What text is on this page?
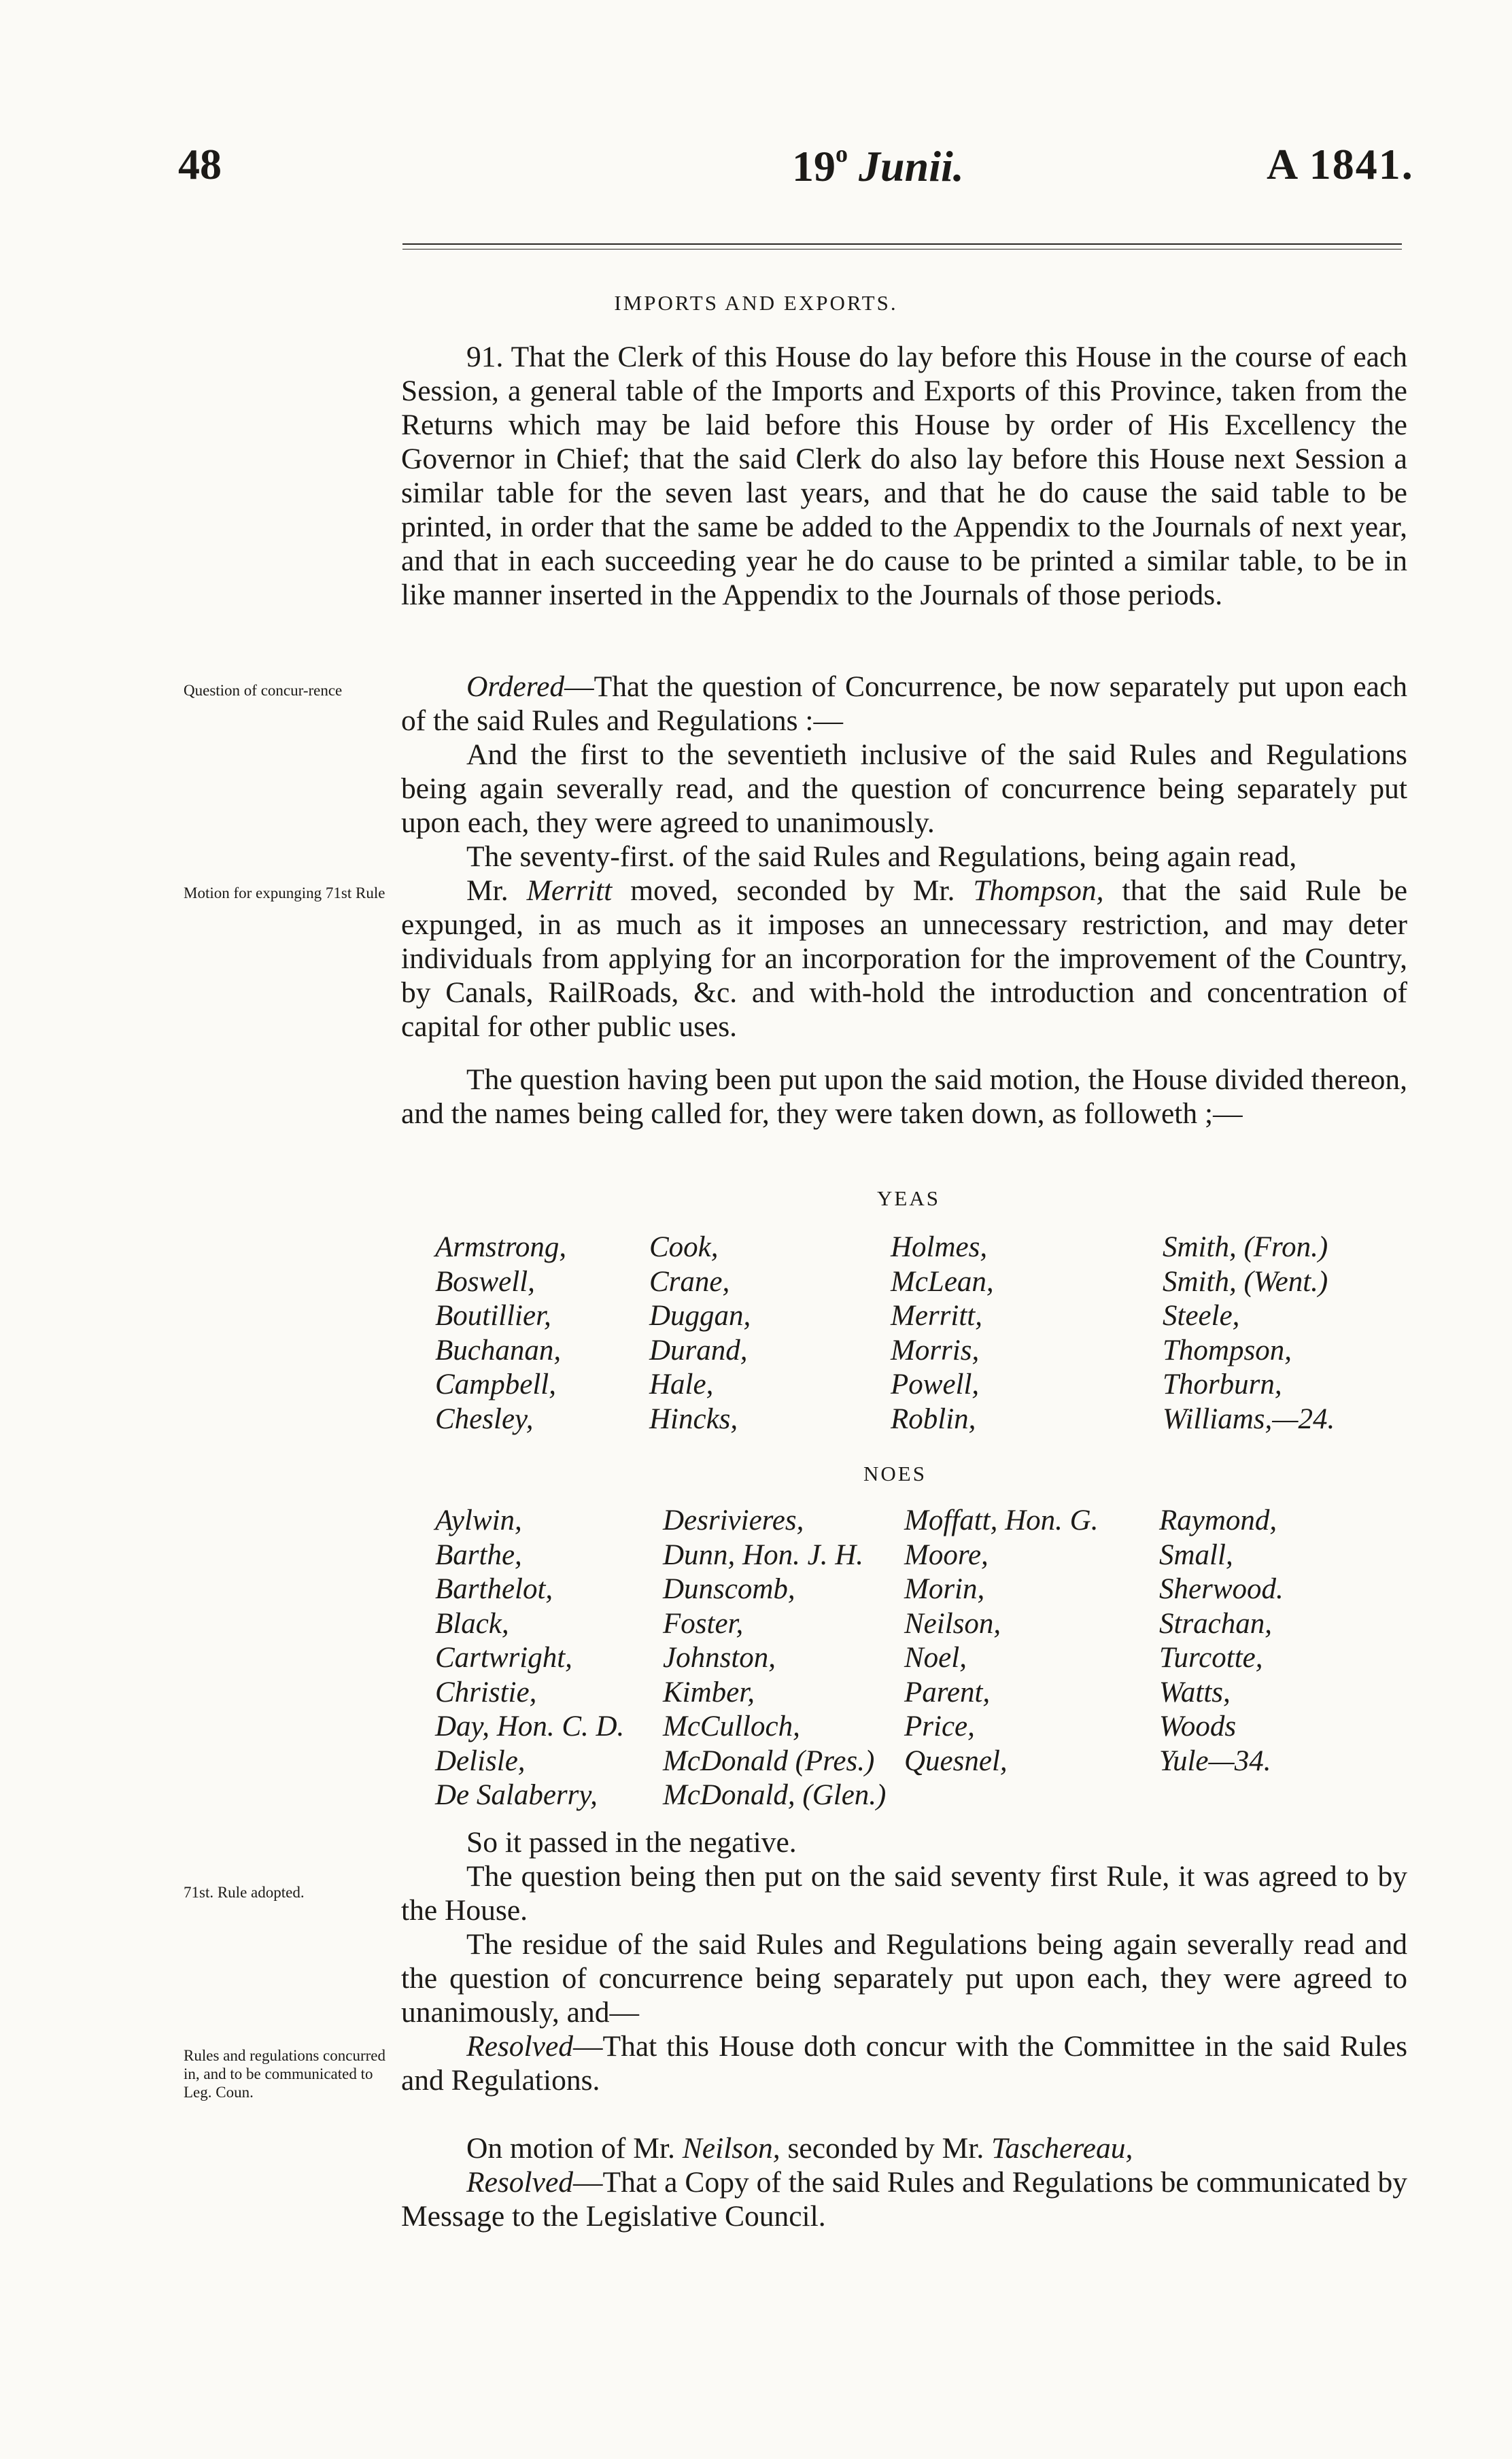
48	19$^o$ Junii.	A 1841.
IMPORTS AND EXPORTS.

91. That the Clerk of this House do lay before this House in the course of each Session, a general table of the Imports and Exports of this Province, taken from the Returns which may be laid before this House by order of His Excellency the Governor in Chief; that the said Clerk do also lay before this House next Session a similar table for the seven last years, and that he do cause the said table to be printed, in order that the same be added to the Appendix to the Journals of next year, and that in each succeeding year he do cause to be printed a similar table, to be in like manner inserted in the Appendix to the Journals of those periods.

Question of concur-rence
Motion for expunging 71st Rule
71st. Rule adopted.
Rules and regulations concurred in, and to be communicated to Leg. Coun.

Ordered—That the question of Concurrence, be now separately put upon each of the said Rules and Regulations :—

And the first to the seventieth inclusive of the said Rules and Regulations being again severally read, and the question of concurrence being separately put upon each, they were agreed to unanimously.

The seventy-first. of the said Rules and Regulations, being again read,

Mr. Merritt moved, seconded by Mr. Thompson, that the said Rule be expunged, in as much as it imposes an unnecessary restriction, and may deter individuals from applying for an incorporation for the improvement of the Country, by Canals, RailRoads, &c. and with-hold the introduction and concentration of capital for other public uses.

The question having been put upon the said motion, the House divided thereon, and the names being called for, they were taken down, as followeth ;—

YEAS
Armstrong,
Boswell,
Boutillier,
Buchanan,
Campbell,
Chesley,
Cook,
Crane,
Duggan,
Durand,
Hale,
Hincks,
Holmes,
McLean,
Merritt,
Morris,
Powell,
Roblin,
Smith, (Fron.)
Smith, (Went.)
Steele,
Thompson,
Thorburn,
Williams,—24.
NOES
Aylwin,
Barthe,
Barthelot,
Black,
Cartwright,
Christie,
Day, Hon. C. D.
Delisle,
De Salaberry,
Desrivieres,
Dunn, Hon. J. H.
Dunscomb,
Foster,
Johnston,
Kimber,
McCulloch,
McDonald (Pres.)
McDonald, (Glen.)
Moffatt, Hon. G.
Moore,
Morin,
Neilson,
Noel,
Parent,
Price,
Quesnel,
Raymond,
Small,
Sherwood.
Strachan,
Turcotte,
Watts,
Woods
Yule—34.

So it passed in the negative.

The question being then put on the said seventy first Rule, it was agreed to by the House.

The residue of the said Rules and Regulations being again severally read and the question of concurrence being separately put upon each, they were agreed to unanimously, and—

Resolved—That this House doth concur with the Committee in the said Rules and Regulations.

On motion of Mr. Neilson, seconded by Mr. Taschereau,

Resolved—That a Copy of the said Rules and Regulations be communicated by Message to the Legislative Council.
